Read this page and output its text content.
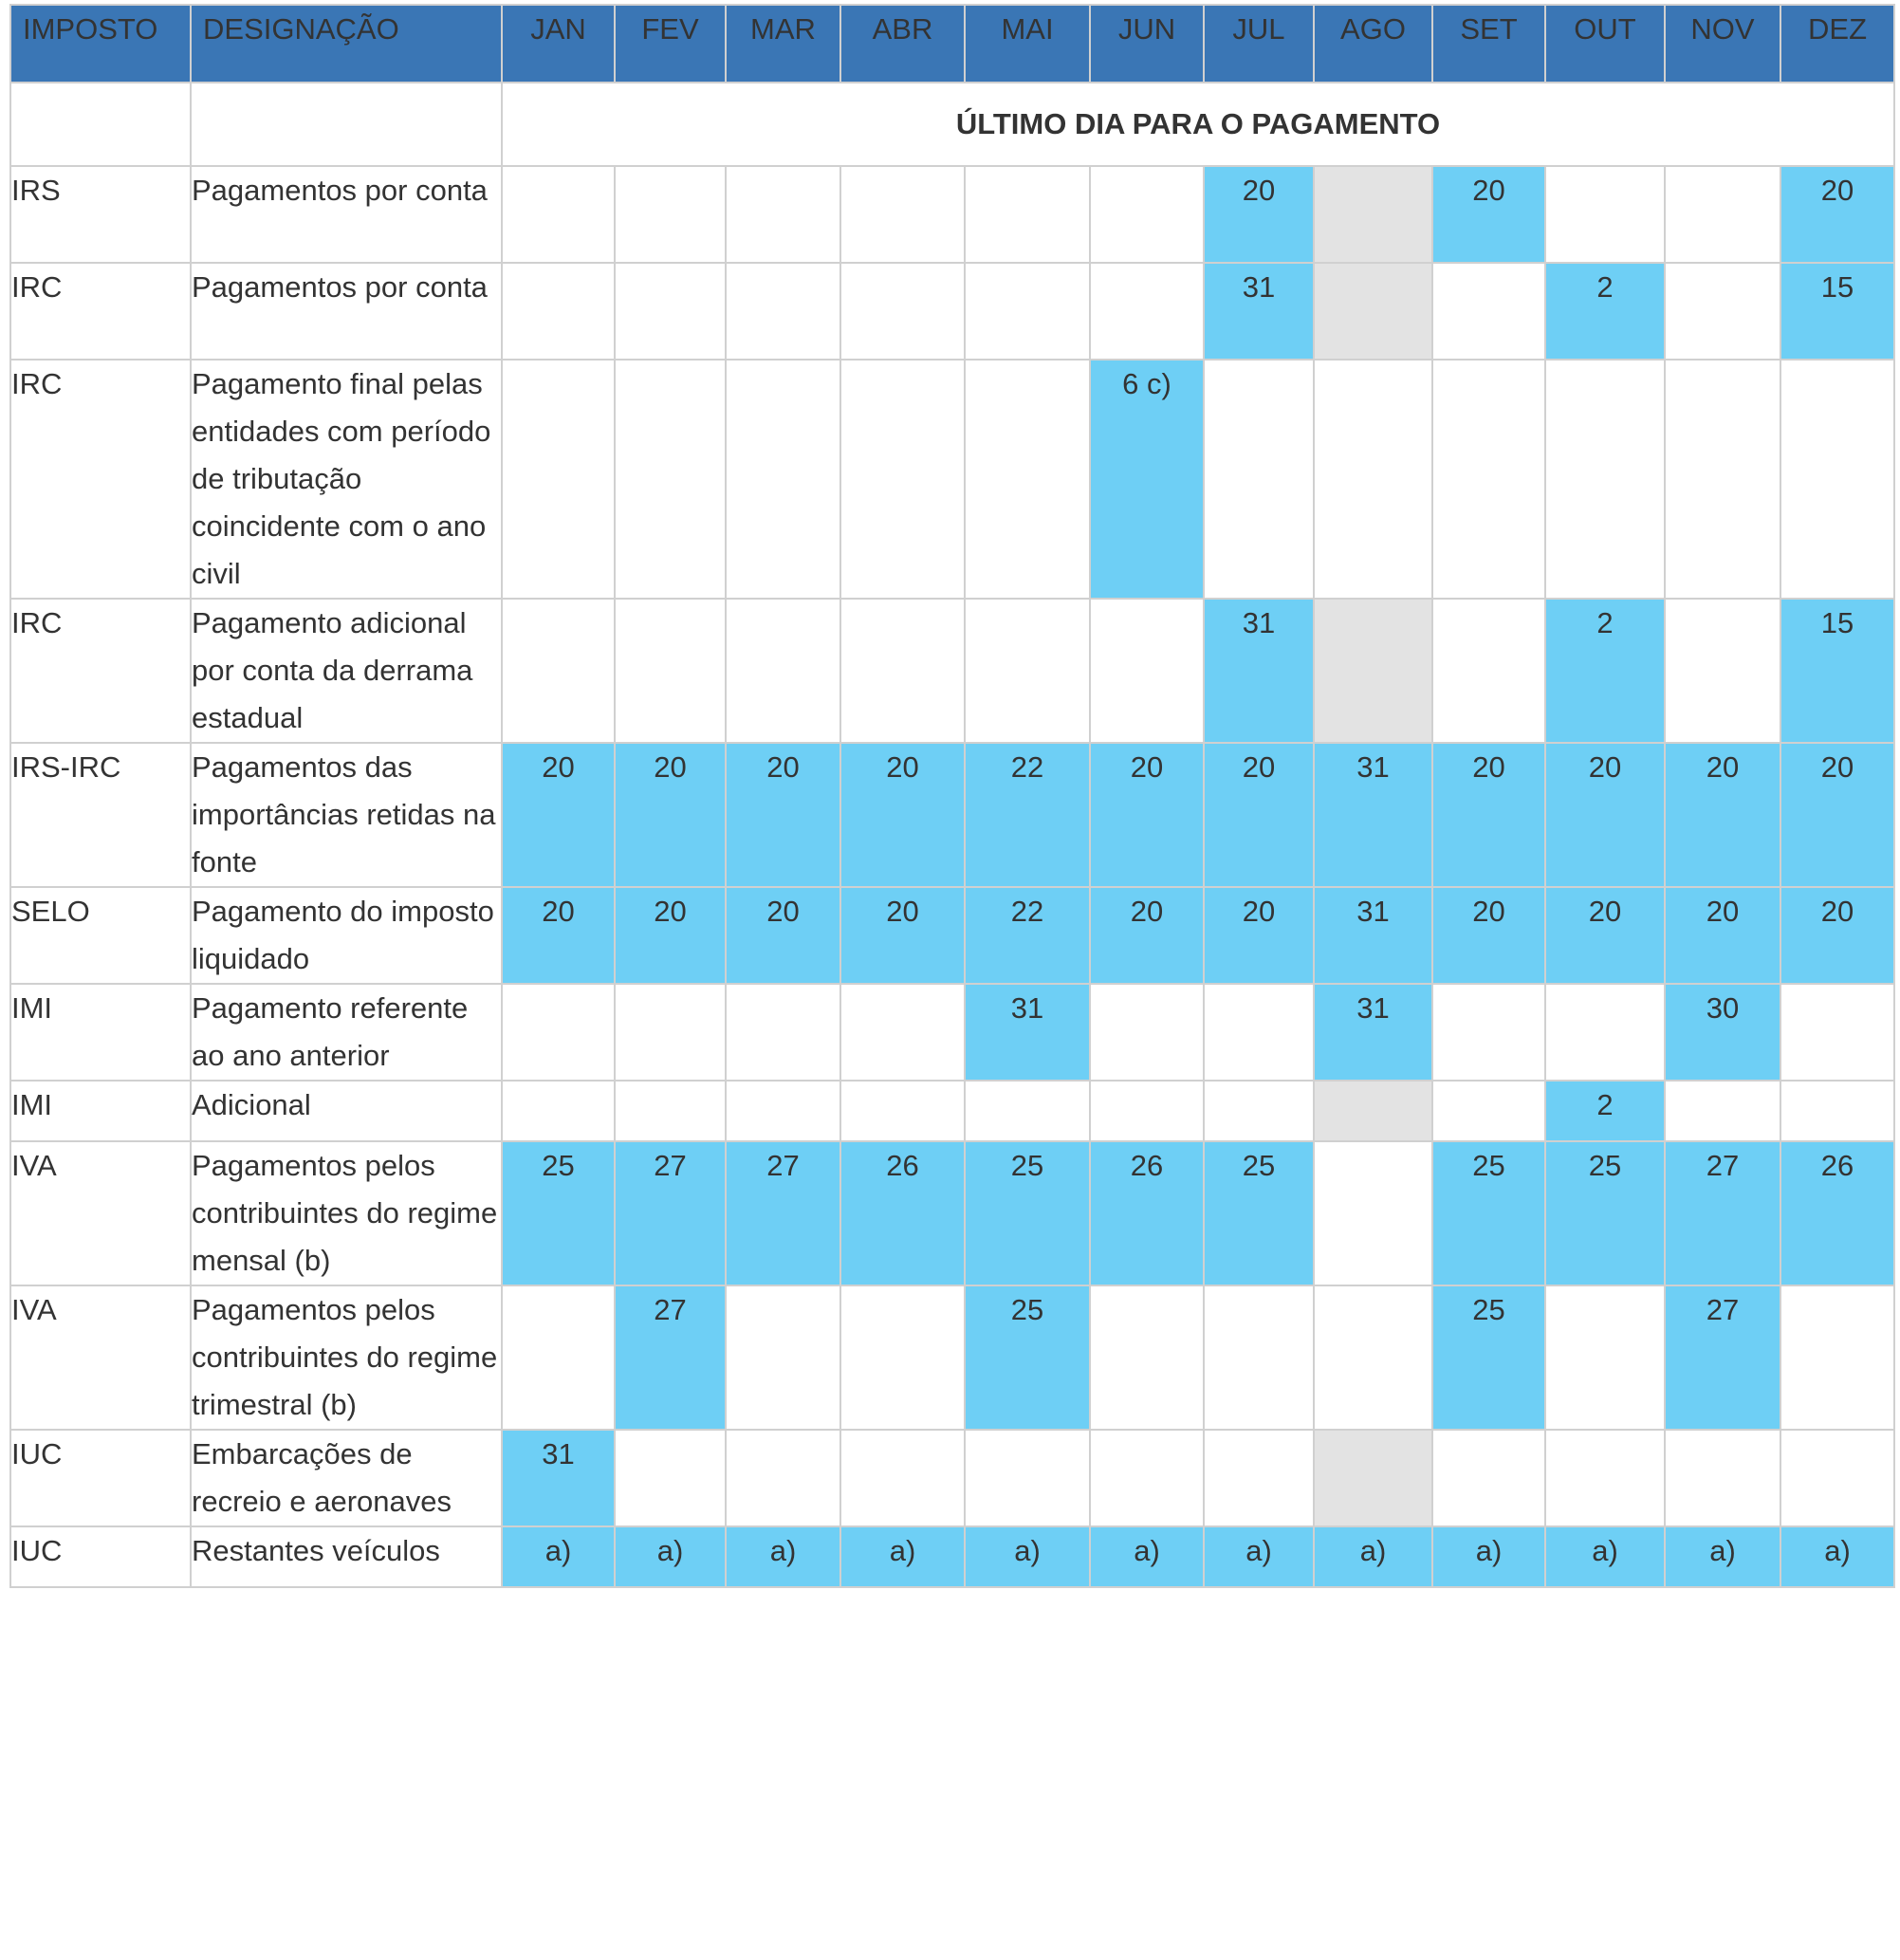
IMPOSTO	DESIGNAÇÃO	JAN	FEV	MAR	ABR	MAI	JUN	JUL	AGO	SET	OUT	NOV	DEZ
		ÚLTIMO DIA PARA O PAGAMENTO											
IRS	Pagamentos por conta							20		20			20
IRC	Pagamentos por conta							31			2		15
IRC	Pagamento final pelas entidades com período de tributação coincidente com o ano civil						6 c)						
IRC	Pagamento adicional por conta da derrama estadual							31			2		15
IRS-IRC	Pagamentos das importâncias retidas na fonte	20	20	20	20	22	20	20	31	20	20	20	20
SELO	Pagamento do imposto liquidado	20	20	20	20	22	20	20	31	20	20	20	20
IMI	Pagamento referente ao ano anterior					31			31			30	
IMI	Adicional										2		
IVA	Pagamentos pelos contribuintes do regime mensal (b)	25	27	27	26	25	26	25		25	25	27	26
IVA	Pagamentos pelos contribuintes do regime trimestral (b)		27			25				25		27	
IUC	Embarcações de recreio e aeronaves	31											
IUC	Restantes veículos	a)	a)	a)	a)	a)	a)	a)	a)	a)	a)	a)	a)
